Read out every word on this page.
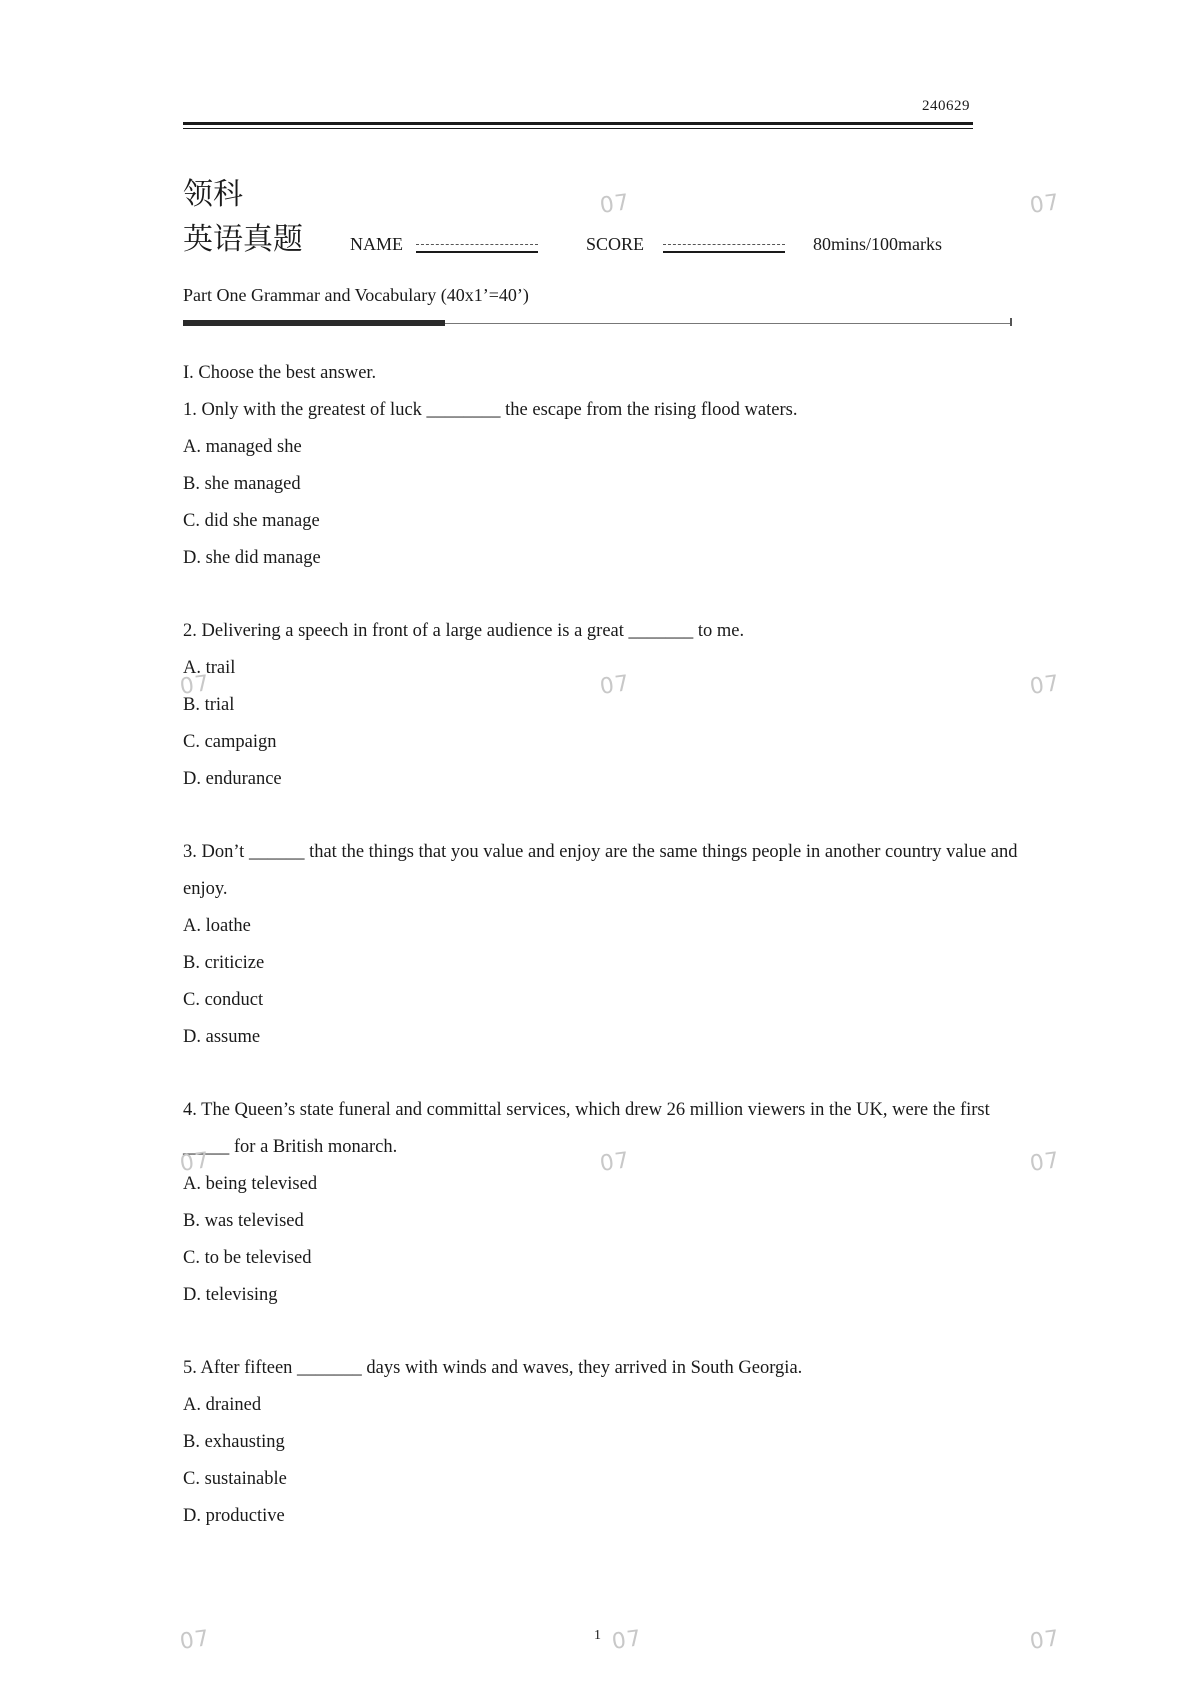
240629
领科
英语真题	NAME	SCORE	80mins/100marks
Part One Grammar and Vocabulary (40x1’=40’)

I. Choose the best answer.

1. Only with the greatest of luck ________ the escape from the rising flood waters.

A. managed she

B. she managed

C. did she manage

D. she did manage

2. Delivering a speech in front of a large audience is a great _______ to me.

A. trail

B. trial

C. campaign

D. endurance

3. Don’t ______ that the things that you value and enjoy are the same things people in another country value and enjoy.

A. loathe

B. criticize

C. conduct

D. assume

4. The Queen’s state funeral and committal services, which drew 26 million viewers in the UK, were the first _____ for a British monarch.

A. being televised

B. was televised

C. to be televised

D. televising

5. After fifteen _______ days with winds and waves, they arrived in South Georgia.

A. drained

B. exhausting

C. sustainable

D. productive

1
07	07
07	07	07
07	07	07
07	07	07
